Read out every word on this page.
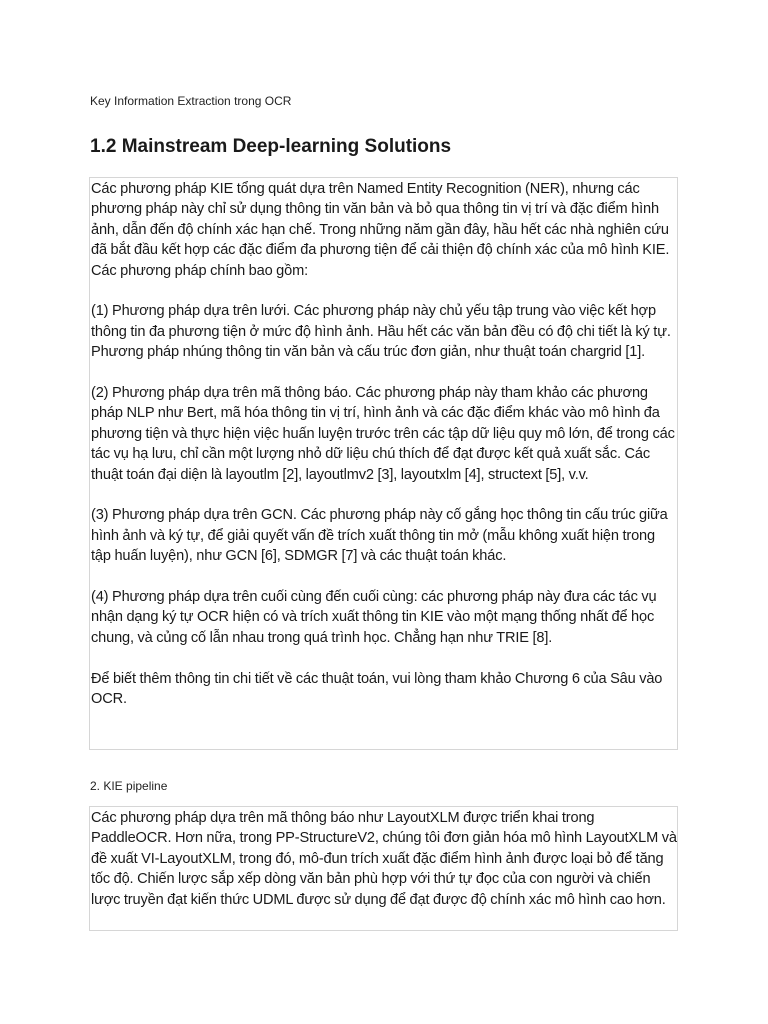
Key Information Extraction trong OCR
1.2 Mainstream Deep-learning Solutions

Các phương pháp KIE tổng quát dựa trên Named Entity Recognition (NER), nhưng các phương pháp này chỉ sử dụng thông tin văn bản và bỏ qua thông tin vị trí và đặc điểm hình ảnh, dẫn đến độ chính xác hạn chế. Trong những năm gần đây, hầu hết các nhà nghiên cứu đã bắt đầu kết hợp các đặc điểm đa phương tiện để cải thiện độ chính xác của mô hình KIE. Các phương pháp chính bao gồm:

(1) Phương pháp dựa trên lưới. Các phương pháp này chủ yếu tập trung vào việc kết hợp thông tin đa phương tiện ở mức độ hình ảnh. Hầu hết các văn bản đều có độ chi tiết là ký tự. Phương pháp nhúng thông tin văn bản và cấu trúc đơn giản, như thuật toán chargrid [1].

(2) Phương pháp dựa trên mã thông báo. Các phương pháp này tham khảo các phương pháp NLP như Bert, mã hóa thông tin vị trí, hình ảnh và các đặc điểm khác vào mô hình đa phương tiện và thực hiện việc huấn luyện trước trên các tập dữ liệu quy mô lớn, để trong các tác vụ hạ lưu, chỉ cần một lượng nhỏ dữ liệu chú thích để đạt được kết quả xuất sắc. Các thuật toán đại diện là layoutlm [2], layoutlmv2 [3], layoutxlm [4], structext [5], v.v.

(3) Phương pháp dựa trên GCN. Các phương pháp này cố gắng học thông tin cấu trúc giữa hình ảnh và ký tự, để giải quyết vấn đề trích xuất thông tin mở (mẫu không xuất hiện trong tập huấn luyện), như GCN [6], SDMGR [7] và các thuật toán khác.

(4) Phương pháp dựa trên cuối cùng đến cuối cùng: các phương pháp này đưa các tác vụ nhận dạng ký tự OCR hiện có và trích xuất thông tin KIE vào một mạng thống nhất để học chung, và củng cố lẫn nhau trong quá trình học. Chẳng hạn như TRIE [8].

Để biết thêm thông tin chi tiết về các thuật toán, vui lòng tham khảo Chương 6 của Sâu vào OCR.

2. KIE pipeline

Các phương pháp dựa trên mã thông báo như LayoutXLM được triển khai trong PaddleOCR. Hơn nữa, trong PP-StructureV2, chúng tôi đơn giản hóa mô hình LayoutXLM và đề xuất VI-LayoutXLM, trong đó, mô-đun trích xuất đặc điểm hình ảnh được loại bỏ để tăng tốc độ. Chiến lược sắp xếp dòng văn bản phù hợp với thứ tự đọc của con người và chiến lược truyền đạt kiến thức UDML được sử dụng để đạt được độ chính xác mô hình cao hơn.
